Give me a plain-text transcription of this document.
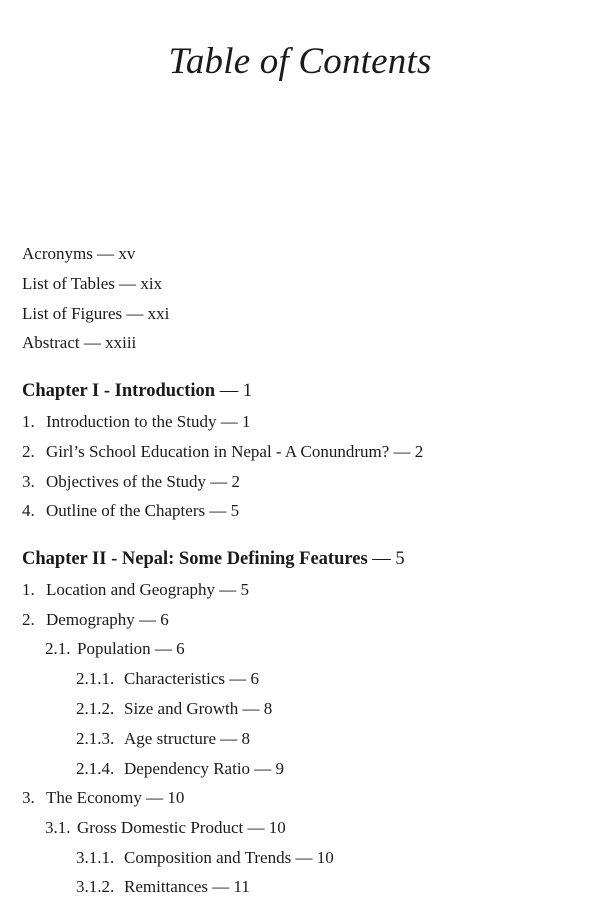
Table of Contents
Acronyms — xv
List of Tables — xix
List of Figures — xxi
Abstract — xxiii
Chapter I - Introduction — 1
1. Introduction to the Study — 1
2. Girl’s School Education in Nepal - A Conundrum? — 2
3. Objectives of the Study — 2
4. Outline of the Chapters — 5
Chapter II - Nepal: Some Defining Features — 5
1. Location and Geography — 5
2. Demography — 6
2.1. Population — 6
2.1.1. Characteristics — 6
2.1.2. Size and Growth — 8
2.1.3. Age structure — 8
2.1.4. Dependency Ratio — 9
3. The Economy — 10
3.1. Gross Domestic Product — 10
3.1.1. Composition and Trends — 10
3.1.2. Remittances — 11
